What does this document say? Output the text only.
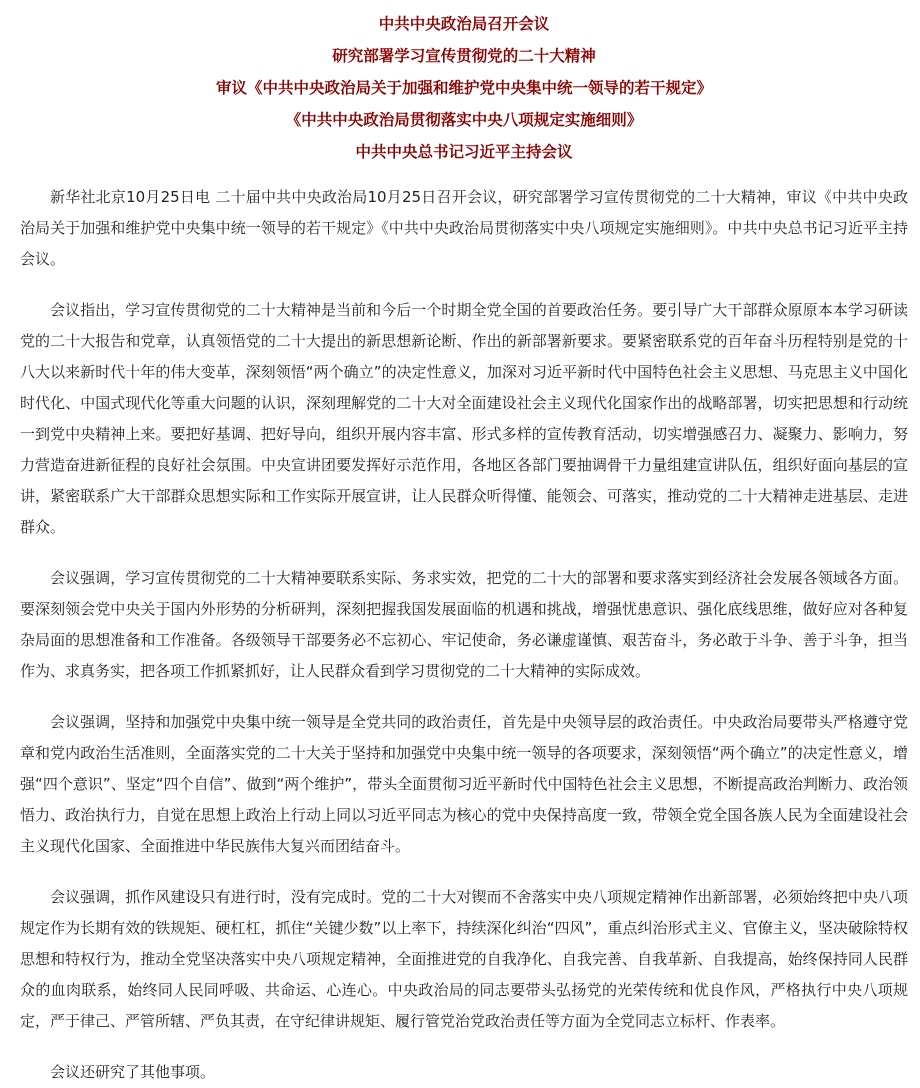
中共中央政治局召开会议
研究部署学习宣传贯彻党的二十大精神
审议《中共中央政治局关于加强和维护党中央集中统一领导的若干规定》
《中共中央政治局贯彻落实中央八项规定实施细则》
中共中央总书记习近平主持会议

新华社北京10月25日电 二十届中共中央政治局10月25日召开会议，研究部署学习宣传贯彻党的二十大精神，审议《中共中央政治局关于加强和维护党中央集中统一领导的若干规定》《中共中央政治局贯彻落实中央八项规定实施细则》。中共中央总书记习近平主持会议。

会议指出，学习宣传贯彻党的二十大精神是当前和今后一个时期全党全国的首要政治任务。要引导广大干部群众原原本本学习研读党的二十大报告和党章，认真领悟党的二十大提出的新思想新论断、作出的新部署新要求。要紧密联系党的百年奋斗历程特别是党的十八大以来新时代十年的伟大变革，深刻领悟“两个确立”的决定性意义，加深对习近平新时代中国特色社会主义思想、马克思主义中国化时代化、中国式现代化等重大问题的认识，深刻理解党的二十大对全面建设社会主义现代化国家作出的战略部署，切实把思想和行动统一到党中央精神上来。要把好基调、把好导向，组织开展内容丰富、形式多样的宣传教育活动，切实增强感召力、凝聚力、影响力，努力营造奋进新征程的良好社会氛围。中央宣讲团要发挥好示范作用，各地区各部门要抽调骨干力量组建宣讲队伍，组织好面向基层的宣讲，紧密联系广大干部群众思想实际和工作实际开展宣讲，让人民群众听得懂、能领会、可落实，推动党的二十大精神走进基层、走进群众。

会议强调，学习宣传贯彻党的二十大精神要联系实际、务求实效，把党的二十大的部署和要求落实到经济社会发展各领域各方面。要深刻领会党中央关于国内外形势的分析研判，深刻把握我国发展面临的机遇和挑战，增强忧患意识、强化底线思维，做好应对各种复杂局面的思想准备和工作准备。各级领导干部要务必不忘初心、牢记使命，务必谦虚谨慎、艰苦奋斗，务必敢于斗争、善于斗争，担当作为、求真务实，把各项工作抓紧抓好，让人民群众看到学习贯彻党的二十大精神的实际成效。

会议强调，坚持和加强党中央集中统一领导是全党共同的政治责任，首先是中央领导层的政治责任。中央政治局要带头严格遵守党章和党内政治生活准则，全面落实党的二十大关于坚持和加强党中央集中统一领导的各项要求，深刻领悟“两个确立”的决定性意义，增强“四个意识”、坚定“四个自信”、做到“两个维护”，带头全面贯彻习近平新时代中国特色社会主义思想，不断提高政治判断力、政治领悟力、政治执行力，自觉在思想上政治上行动上同以习近平同志为核心的党中央保持高度一致，带领全党全国各族人民为全面建设社会主义现代化国家、全面推进中华民族伟大复兴而团结奋斗。

会议强调，抓作风建设只有进行时，没有完成时。党的二十大对锲而不舍落实中央八项规定精神作出新部署，必须始终把中央八项规定作为长期有效的铁规矩、硬杠杠，抓住“关键少数”以上率下，持续深化纠治“四风”，重点纠治形式主义、官僚主义，坚决破除特权思想和特权行为，推动全党坚决落实中央八项规定精神，全面推进党的自我净化、自我完善、自我革新、自我提高，始终保持同人民群众的血肉联系，始终同人民同呼吸、共命运、心连心。中央政治局的同志要带头弘扬党的光荣传统和优良作风，严格执行中央八项规定，严于律己、严管所辖、严负其责，在守纪律讲规矩、履行管党治党政治责任等方面为全党同志立标杆、作表率。

会议还研究了其他事项。
